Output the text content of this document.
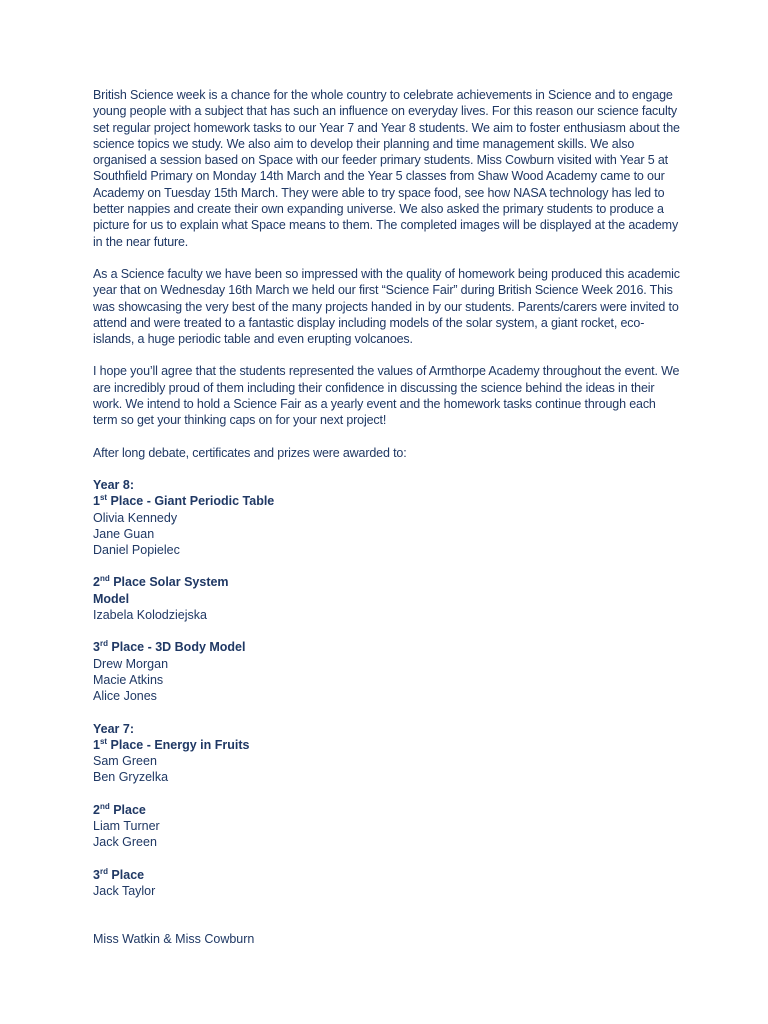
British Science week is a chance for the whole country to celebrate achievements in Science and to engage young people with a subject that has such an influence on everyday lives. For this reason our science faculty set regular project homework tasks to our Year 7 and Year 8 students. We aim to foster enthusiasm about the science topics we study. We also aim to develop their planning and time management skills. We also organised a session based on Space with our feeder primary students. Miss Cowburn visited with Year 5 at Southfield Primary on Monday 14th March and the Year 5 classes from Shaw Wood Academy came to our Academy on Tuesday 15th March. They were able to try space food, see how NASA technology has led to better nappies and create their own expanding universe. We also asked the primary students to produce a picture for us to explain what Space means to them. The completed images will be displayed at the academy in the near future.

As a Science faculty we have been so impressed with the quality of homework being produced this academic year that on Wednesday 16th March we held our first “Science Fair” during British Science Week 2016. This was showcasing the very best of the many projects handed in by our students. Parents/carers were invited to attend and were treated to a fantastic display including models of the solar system, a giant rocket, eco-islands, a huge periodic table and even erupting volcanoes.

I hope you’ll agree that the students represented the values of Armthorpe Academy throughout the event. We are incredibly proud of them including their confidence in discussing the science behind the ideas in their work. We intend to hold a Science Fair as a yearly event and the homework tasks continue through each term so get your thinking caps on for your next project!

After long debate, certificates and prizes were awarded to:

Year 8:

1st Place - Giant Periodic Table

Olivia Kennedy

Jane Guan

Daniel Popielec

2nd Place Solar System

Model

Izabela Kolodziejska

3rd Place - 3D Body Model

Drew Morgan

Macie Atkins

Alice Jones

Year 7:

1st Place - Energy in Fruits

Sam Green

Ben Gryzelka

2nd Place

Liam Turner

Jack Green

3rd Place

Jack Taylor

Miss Watkin & Miss Cowburn
